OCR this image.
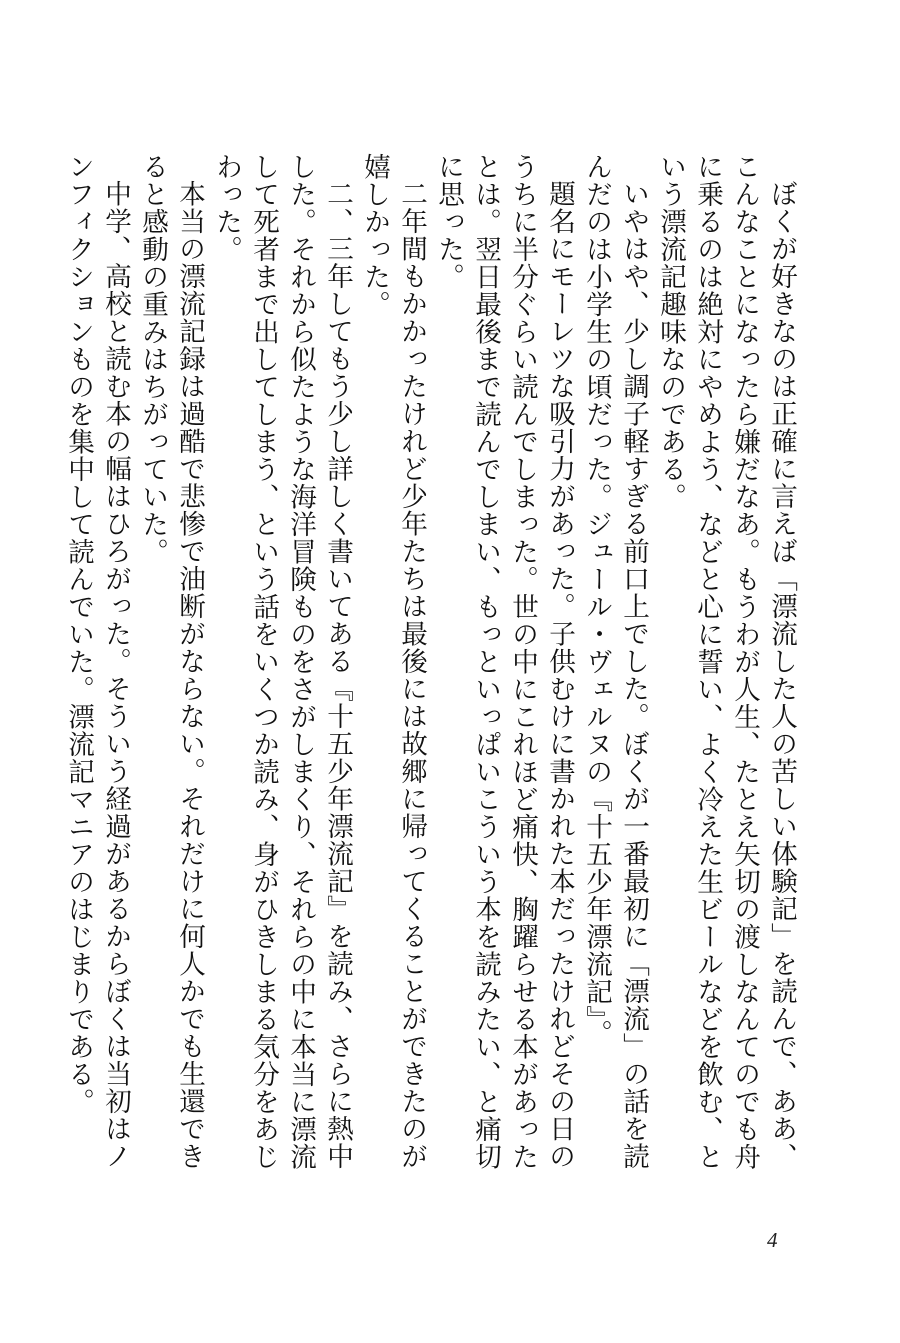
ぼくが好きなのは正確に言えば「漂流した人の苦しい体験記」を読んで、ああ、こんなことになったら嫌だなあ。もうわが人生、たとえ矢切の渡しなんてのでも舟に乗るのは絶対にやめよう、などと心に誓い、よく冷えた生ビールなどを飲む、という漂流記趣味なのである。

いやはや、少し調子軽すぎる前口上でした。ぼくが一番最初に「漂流」の話を読んだのは小学生の頃だった。ジュール・ヴェルヌの『十五少年漂流記』。

題名にモーレツな吸引力があった。子供むけに書かれた本だったけれどその日のうちに半分ぐらい読んでしまった。世の中にこれほど痛快、胸躍らせる本があったとは。翌日最後まで読んでしまい、もっといっぱいこういう本を読みたい、と痛切に思った。

二年間もかかったけれど少年たちは最後には故郷に帰ってくることができたのが嬉しかった。

二、三年してもう少し詳しく書いてある『十五少年漂流記』を読み、さらに熱中した。それから似たような海洋冒険ものをさがしまくり、それらの中に本当に漂流して死者まで出してしまう、という話をいくつか読み、身がひきしまる気分をあじわった。

本当の漂流記録は過酷で悲惨で油断がならない。それだけに何人かでも生還できると感動の重みはちがっていた。

中学、高校と読む本の幅はひろがった。そういう経過があるからぼくは当初はノンフィクションものを集中して読んでいた。漂流記マニアのはじまりである。

4
